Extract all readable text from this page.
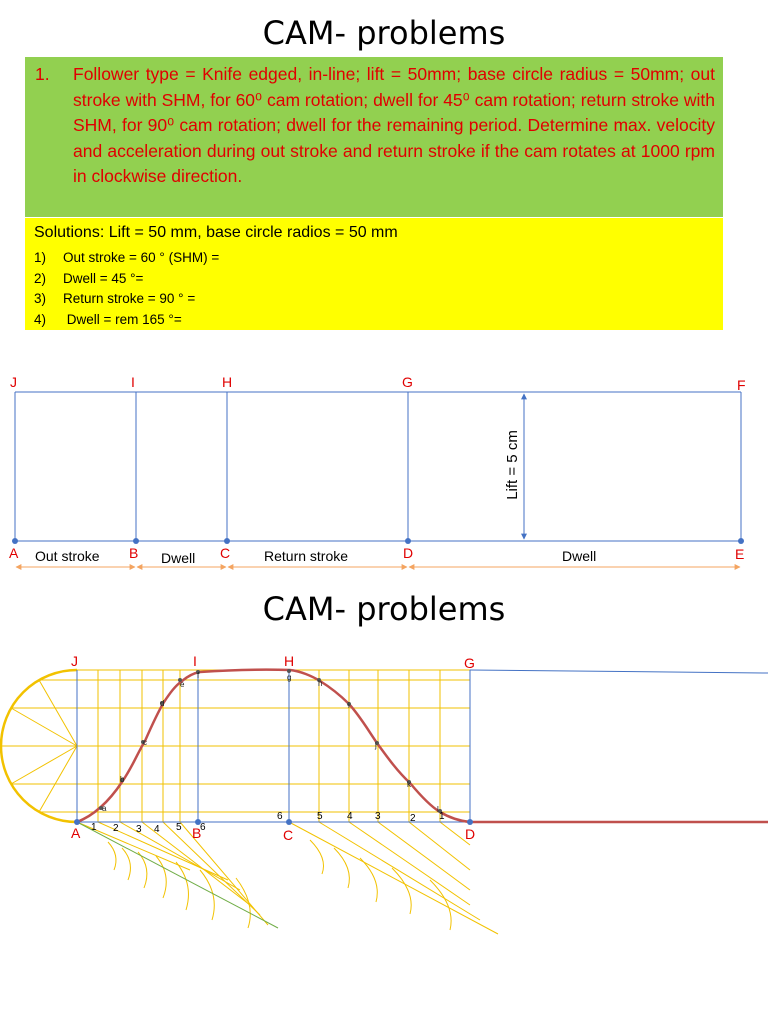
CAM- problems
1. Follower type = Knife edged, in-line; lift = 50mm; base circle radius = 50mm; out stroke with SHM, for 60⁰ cam rotation; dwell for 45⁰ cam rotation; return stroke with SHM, for 90⁰ cam rotation; dwell for the remaining period. Determine max. velocity and acceleration during out stroke and return stroke if the cam rotates at 1000 rpm in clockwise direction.
Solutions: Lift = 50 mm, base circle radios = 50 mm
1) Out stroke = 60 ° (SHM) =
2) Dwell = 45 °=
3) Return stroke = 90 ° =
4) Dwell = rem 165 °=
Lift = 5 cm
J	I	H	G	F
A	B	C	D	E
Out stroke	Dwell	Return stroke	Dwell
CAM- problems
a
b
c
d
e
f	g
h
i
j
k
l
1 2 3 4 5 6
6	5 4 3	2 1
J	I	H	G
A	B	C	D
